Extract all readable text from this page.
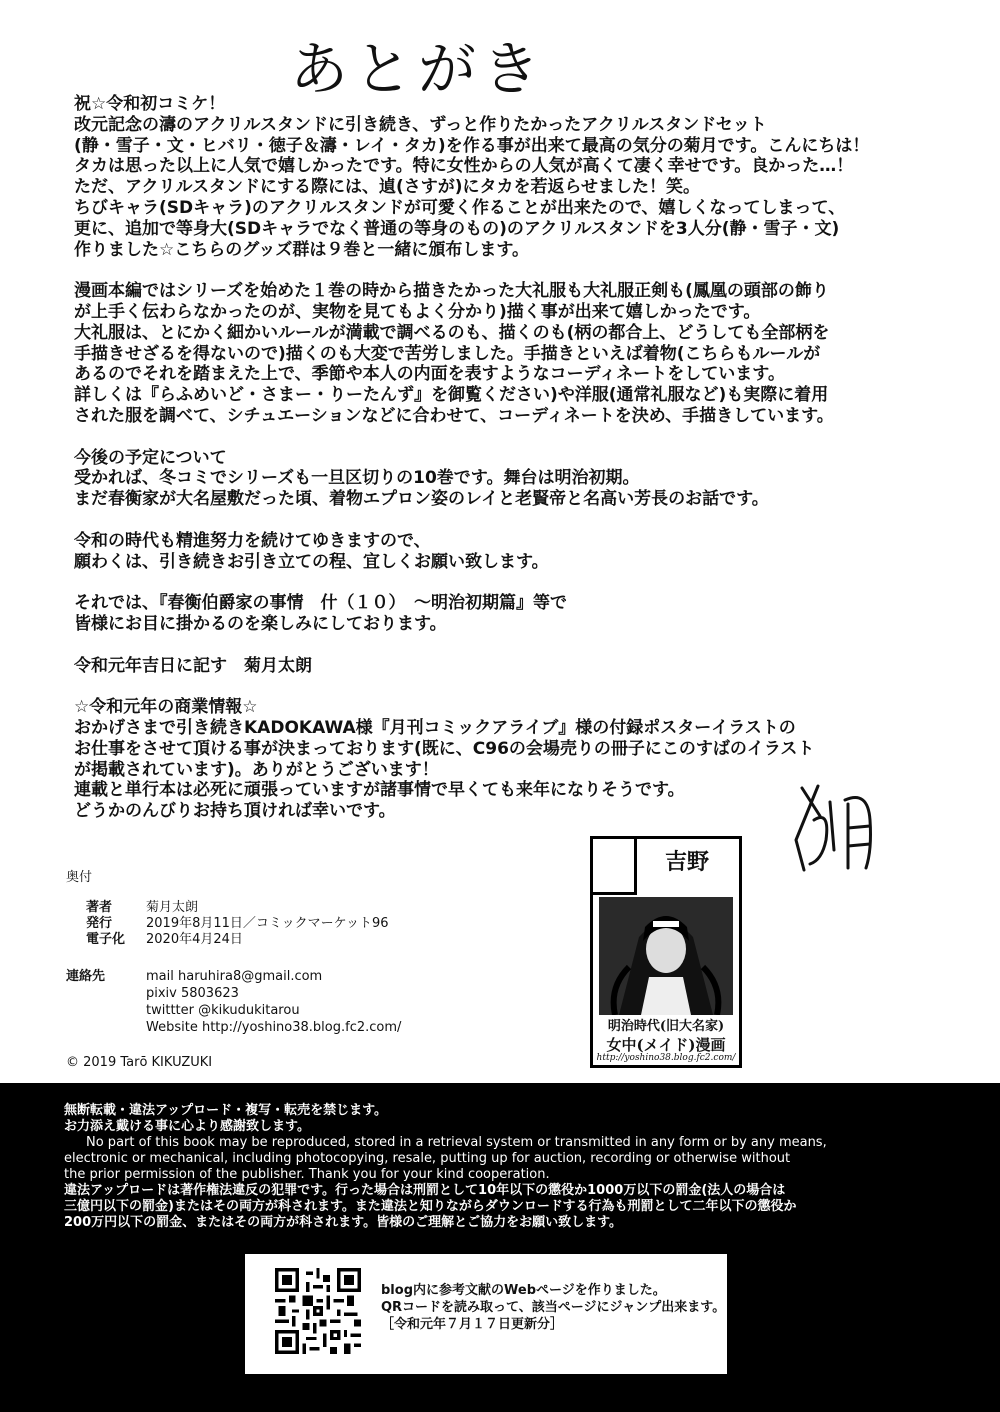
あとがき

祝☆令和初コミケ！
改元記念の濤のアクリルスタンドに引き続き、ずっと作りたかったアクリルスタンドセット
(静・雪子・文・ヒバリ・徳子＆濤・レイ・タカ)を作る事が出来て最高の気分の菊月です。こんにちは！
タカは思った以上に人気で嬉しかったです。特に女性からの人気が高くて凄く幸せです。良かった…！
ただ、アクリルスタンドにする際には、遉(さすが)にタカを若返らせました！笑。
ちびキャラ(SDキャラ)のアクリルスタンドが可愛く作ることが出来たので、嬉しくなってしまって、
更に、追加で等身大(SDキャラでなく普通の等身のもの)のアクリルスタンドを3人分(静・雪子・文)
作りました☆こちらのグッズ群は９巻と一緒に頒布します。

漫画本編ではシリーズを始めた１巻の時から描きたかった大礼服も大礼服正剣も(鳳凰の頭部の飾り
が上手く伝わらなかったのが、実物を見てもよく分かり)描く事が出来て嬉しかったです。
大礼服は、とにかく細かいルールが満載で調べるのも、描くのも(柄の都合上、どうしても全部柄を
手描きせざるを得ないので)描くのも大変で苦労しました。手描きといえば着物(こちらもルールが
あるのでそれを踏まえた上で、季節や本人の内面を表すようなコーディネートをしています。
詳しくは『らふめいど・さまー・りーたんず』を御覧ください)や洋服(通常礼服など)も実際に着用
された服を調べて、シチュエーションなどに合わせて、コーディネートを決め、手描きしています。

今後の予定について
受かれば、冬コミでシリーズも一旦区切りの10巻です。舞台は明治初期。
まだ春衡家が大名屋敷だった頃、着物エプロン姿のレイと老賢帝と名高い芳長のお話です。

令和の時代も精進努力を続けてゆきますので、
願わくは、引き続きお引き立ての程、宜しくお願い致します。

それでは、『春衡伯爵家の事情　什（１０）　～明治初期篇』等で
皆様にお目に掛かるのを楽しみにしております。

令和元年吉日に記す　菊月太朗

☆令和元年の商業情報☆
おかげさまで引き続きKADOKAWA様『月刊コミックアライブ』様の付録ポスターイラストの
お仕事をさせて頂ける事が決まっております(既に、C96の会場売りの冊子にこのすばのイラスト
が掲載されています)。ありがとうございます！
連載と単行本は必死に頑張っていますが諸事情で早くても来年になりそうです。
どうかのんびりお持ち頂ければ幸いです。

奥付
著者	菊月太朗
発行	2019年8月11日／コミックマーケット96
電子化	2020年4月24日
連絡先	mail haruhira8@gmail.com
pixiv 5803623
twittter @kikudukitarou
Website http://yoshino38.blog.fc2.com/
© 2019 Tarō KIKUZUKI
吉野
明治時代(旧大名家)
女中(メイド)漫画
http://yoshino38.blog.fc2.com/
無断転載・違法アップロード・複写・転売を禁じます。
お力添え戴ける事に心より感謝致します。
No part of this book may be reproduced, stored in a retrieval system or transmitted in any form or by any means,
electronic or mechanical, including photocopying, resale, putting up for auction, recording or otherwise without
the prior permission of the publisher. Thank you for your kind cooperation.
違法アップロードは著作権法違反の犯罪です。行った場合は刑罰として10年以下の懲役か1000万以下の罰金(法人の場合は
三億円以下の罰金)またはその両方が科されます。また違法と知りながらダウンロードする行為も刑罰として二年以下の懲役か
200万円以下の罰金、またはその両方が科されます。皆様のご理解とご協力をお願い致します。
blog内に参考文献のWebページを作りました。
QRコードを読み取って、該当ページにジャンプ出来ます。
［令和元年７月１７日更新分］
